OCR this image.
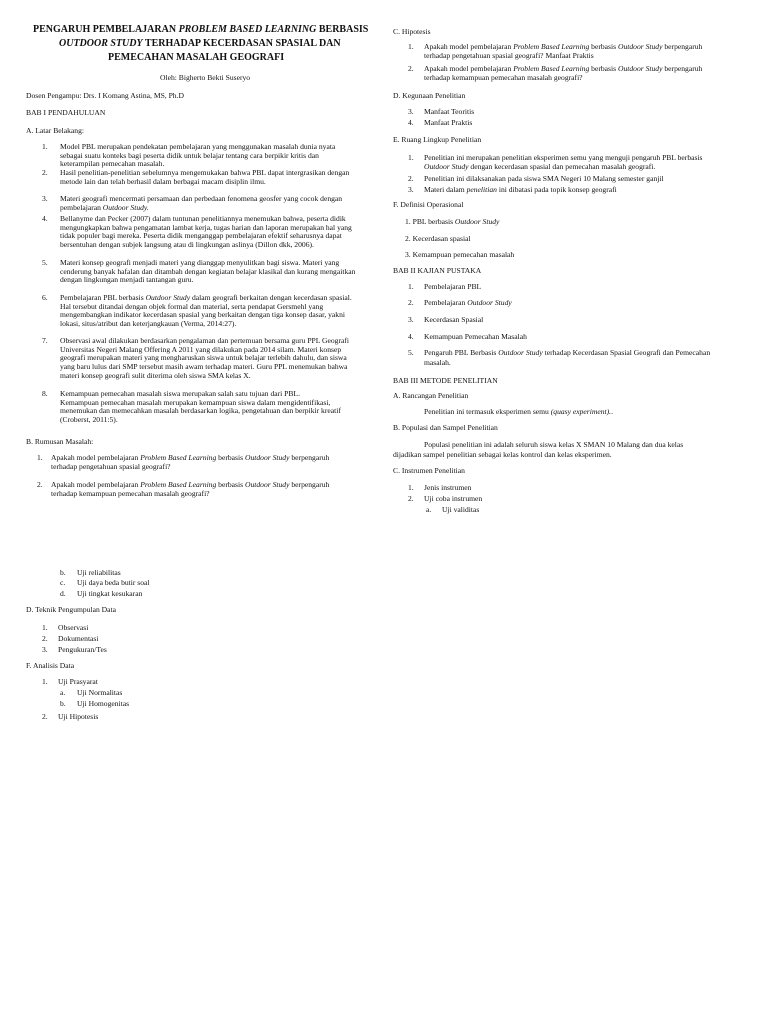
PENGARUH PEMBELAJARAN PROBLEM BASED LEARNING BERBASIS
OUTDOOR STUDY TERHADAP KECERDASAN SPASIAL DAN
PEMECAHAN MASALAH GEOGRAFI
Oleh: Bigherto Bekti Suseryo
Dosen Pengampu: Drs. I Komang Astina, MS, Ph.D
BAB I PENDAHULUAN
A. Latar Belakang:
1. Model PBL merupakan pendekatan pembelajaran yang menggunakan masalah dunia nyata
sebagai suatu konteks bagi peserta didik untuk belajar tentang cara berpikir kritis dan
keterampilan pemecahan masalah.
2. Hasil penelitian-penelitian sebelumnya mengemukakan bahwa PBL dapat intergrasikan dengan
metode lain dan telah berhasil dalam berbagai macam disiplin ilmu.
3. Materi geografi mencermati persamaan dan perbedaan fenomena geosfer yang cocok dengan
pembelajaran Outdoor Study.
4. Bellanyme dan Pecker (2007) dalam tuntunan penelitiannya menemukan bahwa, peserta didik
mengungkapkan bahwa pengamatan lambat kerja, tugas harian dan laporan merupakan hal yang
tidak populer bagi mereka. Peserta didik menganggap pembelajaran efektif seharusnya dapat
bersentuhan dengan subjek langsung atau di lingkungan aslinya (Dillon dkk, 2006).
5. Materi konsep geografi menjadi materi yang dianggap menyulitkan bagi siswa. Materi yang
cenderung banyak hafalan dan ditambah dengan kegiatan belajar klasikal dan kurang mengaitkan
dengan lingkungan menjadi tantangan guru.
6. Pembelajaran PBL berbasis Outdoor Study dalam geografi berkaitan dengan kecerdasan spasial.
Hal tersebut ditandai dengan objek formal dan material, serta pendapat Gersmehl yang
mengembangkan indikator kecerdasan spasial yang berkaitan dengan tiga konsep dasar, yakni
lokasi, situs/atribut dan keterjangkauan (Verma, 2014:27).
7. Observasi awal dilakukan berdasarkan pengalaman dan pertemuan bersama guru PPL Geografi
Universitas Negeri Malang Offering A 2011 yang dilakukan pada 2014 silam. Materi konsep
geografi merupakan materi yang mengharuskan siswa untuk belajar terlebih dahulu, dan siswa
yang baru lulus dari SMP tersebut masih awam terhadap materi. Guru PPL menemukan bahwa
materi konsep geografi sulit diterima oleh siswa SMA kelas X.
8. Kemampuan pemecahan masalah siswa merupakan salah satu tujuan dari PBL.
Kemampuan pemecahan masalah merupakan kemampuan siswa dalam mengidentifikasi,
menemukan dan memecahkan masalah berdasarkan logika, pengetahuan dan berpikir kreatif
(Croberst, 2011:5).
B. Rumusan Masalah:
1. Apakah model pembelajaran Problem Based Learning berbasis Outdoor Study berpengaruh
terhadap pengetahuan spasial geografi?
2. Apakah model pembelajaran Problem Based Learning berbasis Outdoor Study berpengaruh
terhadap kemampuan pemecahan masalah geografi?
b. Uji reliabilitas
c. Uji daya beda butir soal
d. Uji tingkat kesukaran
D. Teknik Pengumpulan Data
1. Observasi
2. Dokumentasi
3. Pengukuran/Tes
F. Analisis Data
1. Uji Prasyarat
a. Uji Normalitas
b. Uji Homogenitas
2. Uji Hipotesis
C. Hipotesis
1. Apakah model pembelajaran Problem Based Learning berbasis Outdoor Study berpengaruh
terhadap pengetahuan spasial geografi? Manfaat Praktis
2. Apakah model pembelajaran Problem Based Learning berbasis Outdoor Study berpengaruh
terhadap kemampuan pemecahan masalah geografi?
D. Kegunaan Penelitian
3. Manfaat Teoritis
4. Manfaat Praktis
E. Ruang Lingkup Penelitian
1. Penelitian ini merupakan penelitian eksperimen semu yang menguji pengaruh PBL berbasis
Outdoor Study dengan kecerdasan spasial dan pemecahan masalah geografi.
2. Penelitian ini dilaksanakan pada siswa SMA Negeri 10 Malang semester ganjil
3. Materi dalam penelitian ini dibatasi pada topik konsep geografi
F. Definisi Operasional
1. PBL berbasis Outdoor Study
2. Kecerdasan spasial
3. Kemampuan pemecahan masalah
BAB II KAJIAN PUSTAKA
1. Pembelajaran PBL
2. Pembelajaran Outdoor Study
3. Kecerdasan Spasial
4. Kemampuan Pemecahan Masalah
5. Pengaruh PBL Berbasis Outdoor Study terhadap Kecerdasan Spasial Geografi dan Pemecahan
masalah.
BAB III METODE PENELITIAN
A. Rancangan Penelitian
Penelitian ini termasuk eksperimen semu (quasy experiment)..
B. Populasi dan Sampel Penelitian
Populasi penelitian ini adalah seluruh siswa kelas X SMAN 10 Malang dan dua kelas
dijadikan sampel penelitian sebagai kelas kontrol dan kelas eksperimen.
C. Instrumen Penelitian
1. Jenis instrumen
2. Uji coba instrumen
a. Uji validitas
